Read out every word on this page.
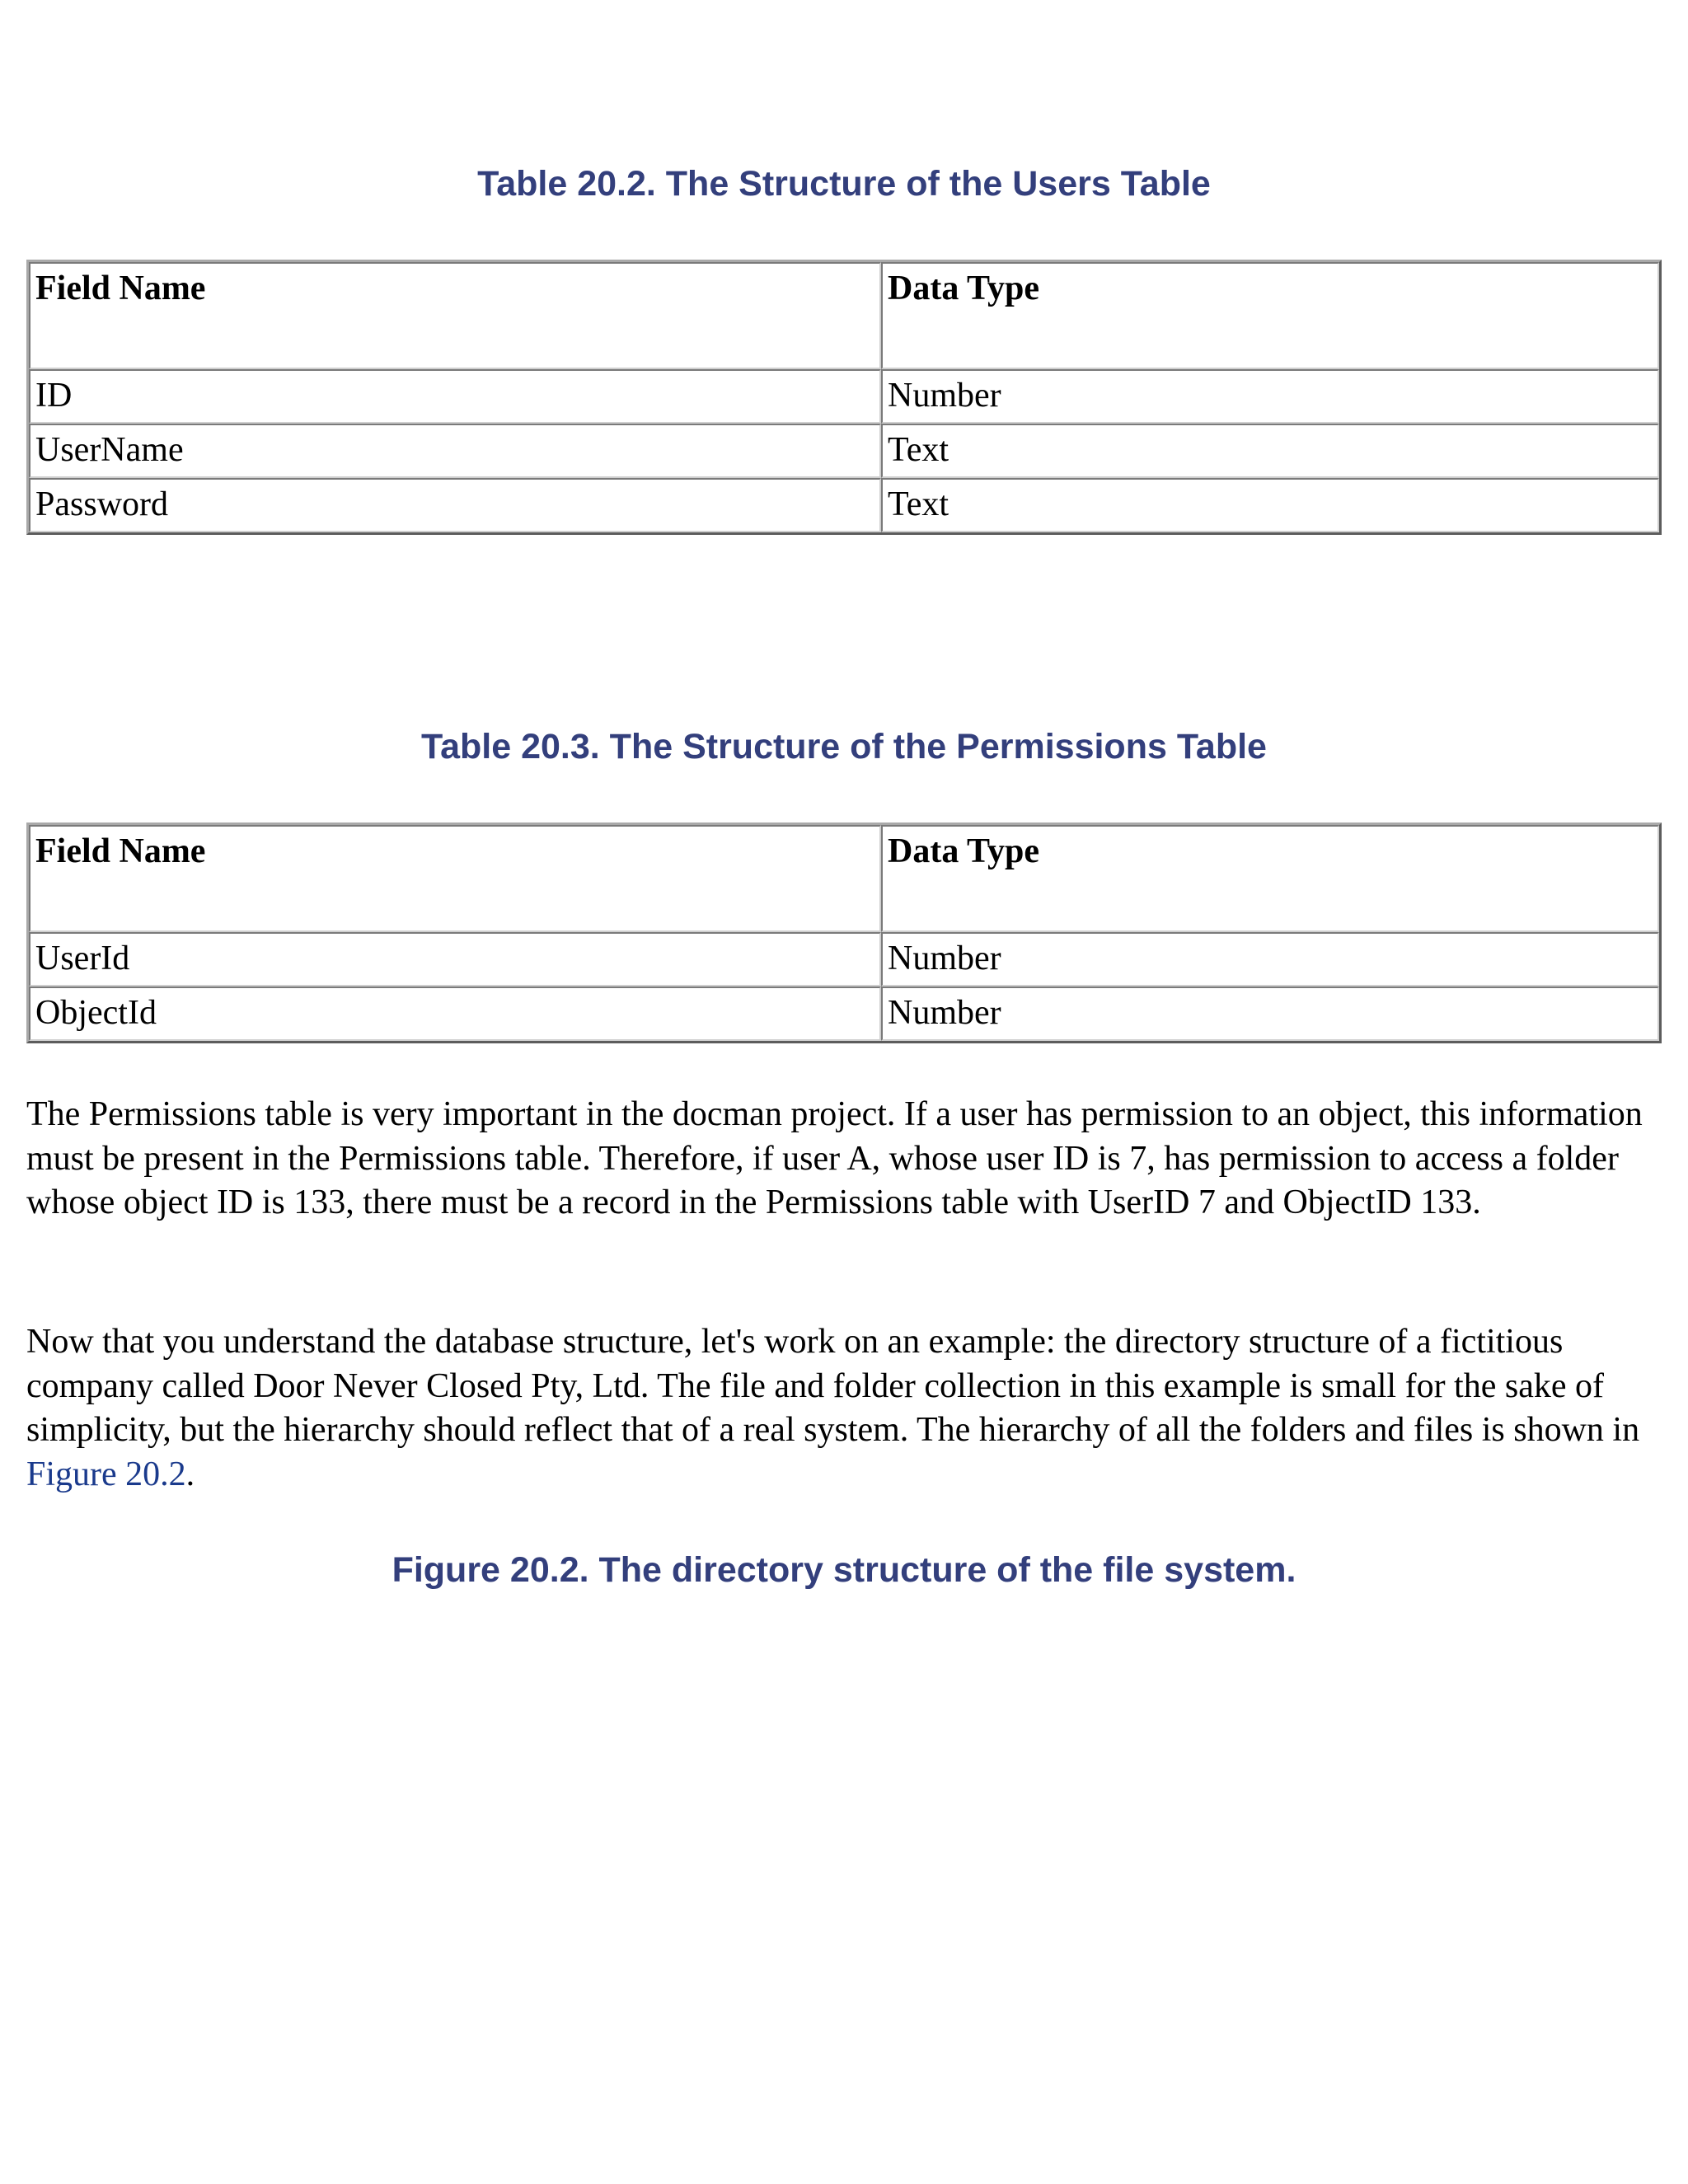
Table 20.2. The Structure of the Users Table
Field Name	Data Type
ID	Number
UserName	Text
Password	Text
Table 20.3. The Structure of the Permissions Table
Field Name	Data Type
UserId	Number
ObjectId	Number

The Permissions table is very important in the docman project. If a user has permission to an object, this information must be present in the Permissions table. Therefore, if user A, whose user ID is 7, has permission to access a folder whose object ID is 133, there must be a record in the Permissions table with UserID 7 and ObjectID 133.

Now that you understand the database structure, let's work on an example: the directory structure of a fictitious company called Door Never Closed Pty, Ltd. The file and folder collection in this example is small for the sake of simplicity, but the hierarchy should reflect that of a real system. The hierarchy of all the folders and files is shown in Figure 20.2.

Figure 20.2. The directory structure of the file system.
